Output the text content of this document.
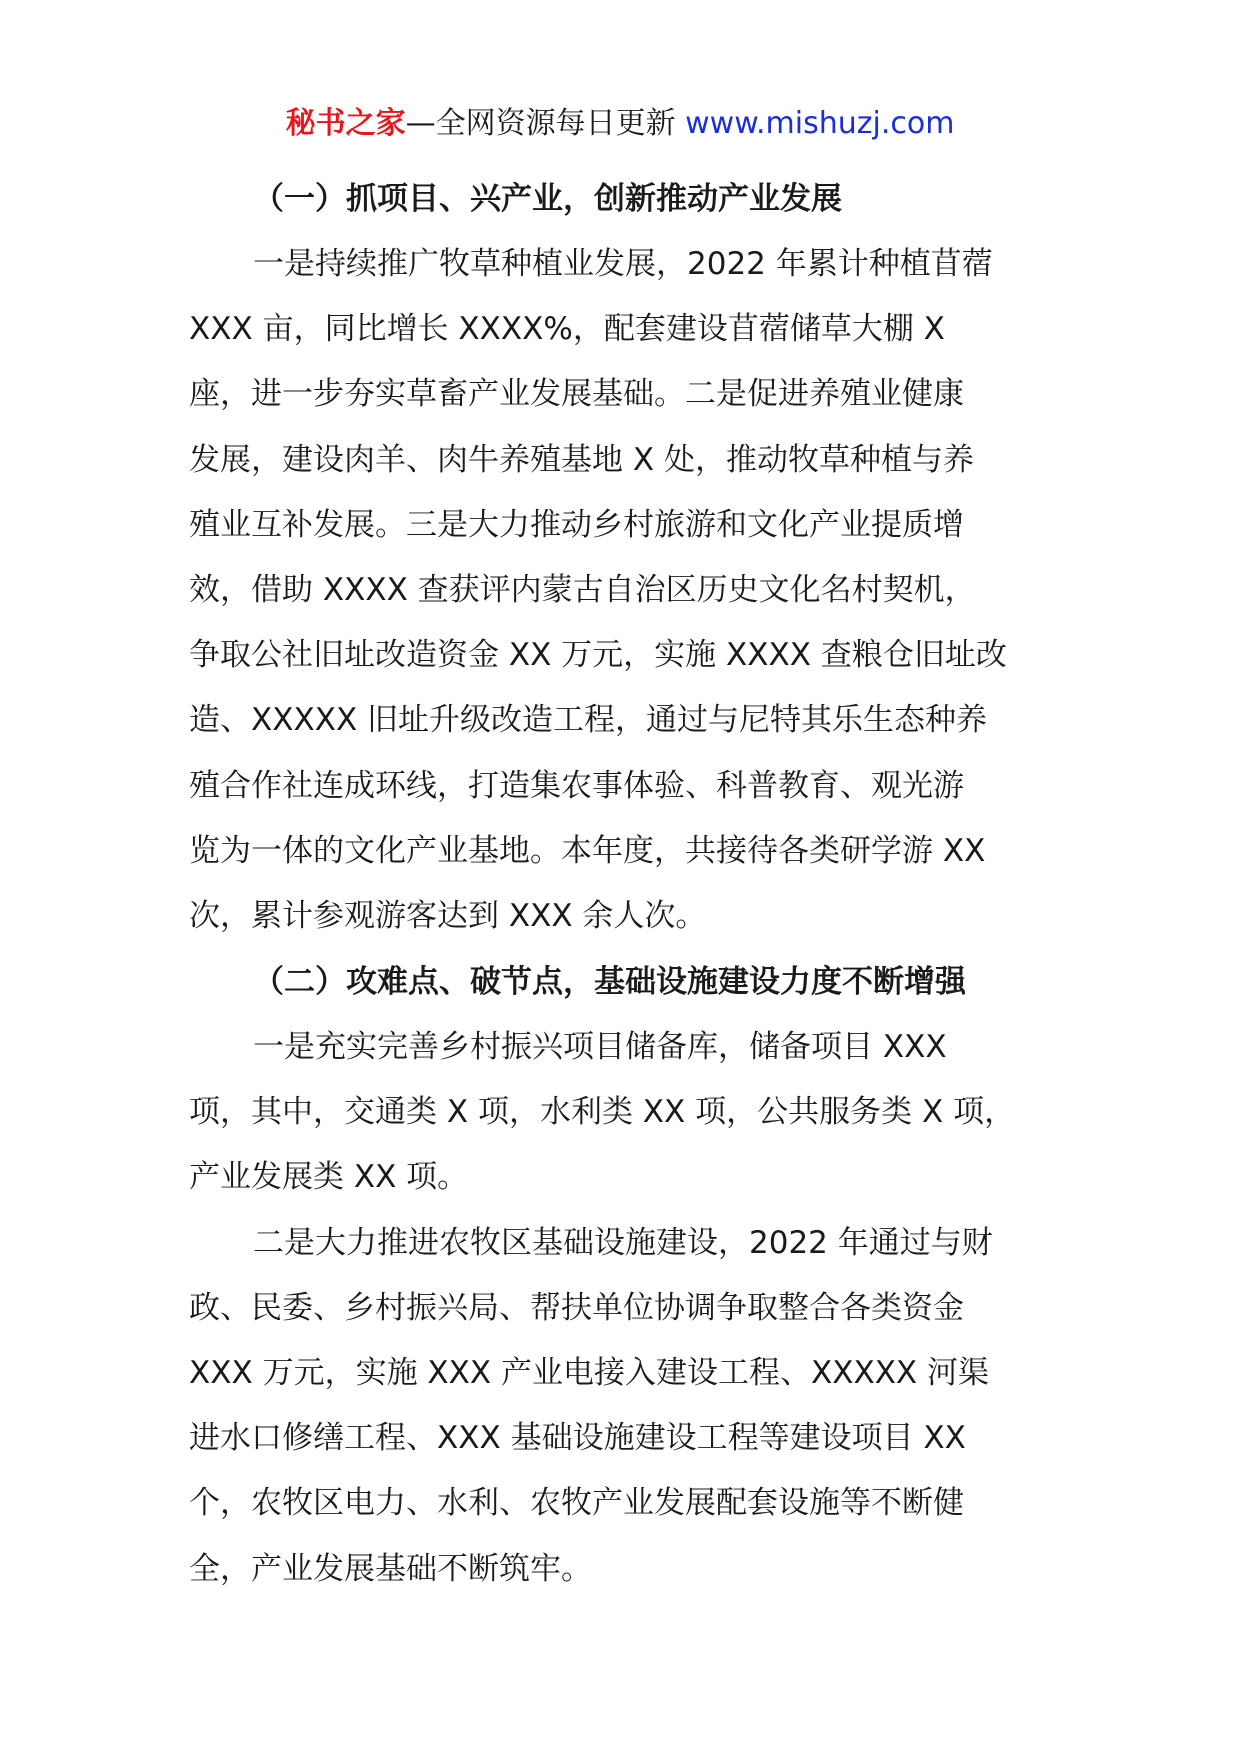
秘书之家—全网资源每日更新 www.mishuzj.com
（一）抓项目、兴产业，创新推动产业发展
一是持续推广牧草种植业发展，2022 年累计种植苜蓿
XXX 亩，同比增长 XXXX%，配套建设苜蓿储草大棚 X
座，进一步夯实草畜产业发展基础。二是促进养殖业健康
发展，建设肉羊、肉牛养殖基地 X 处，推动牧草种植与养
殖业互补发展。三是大力推动乡村旅游和文化产业提质增
效，借助 XXXX 查获评内蒙古自治区历史文化名村契机，
争取公社旧址改造资金 XX 万元，实施 XXXX 查粮仓旧址改
造、XXXXX 旧址升级改造工程，通过与尼特其乐生态种养
殖合作社连成环线，打造集农事体验、科普教育、观光游
览为一体的文化产业基地。本年度，共接待各类研学游 XX
次，累计参观游客达到 XXX 余人次。
（二）攻难点、破节点，基础设施建设力度不断增强
一是充实完善乡村振兴项目储备库，储备项目 XXX
项，其中，交通类 X 项，水利类 XX 项，公共服务类 X 项，
产业发展类 XX 项。
二是大力推进农牧区基础设施建设，2022 年通过与财
政、民委、乡村振兴局、帮扶单位协调争取整合各类资金
XXX 万元，实施 XXX 产业电接入建设工程、XXXXX 河渠
进水口修缮工程、XXX 基础设施建设工程等建设项目 XX
个，农牧区电力、水利、农牧产业发展配套设施等不断健
全，产业发展基础不断筑牢。
